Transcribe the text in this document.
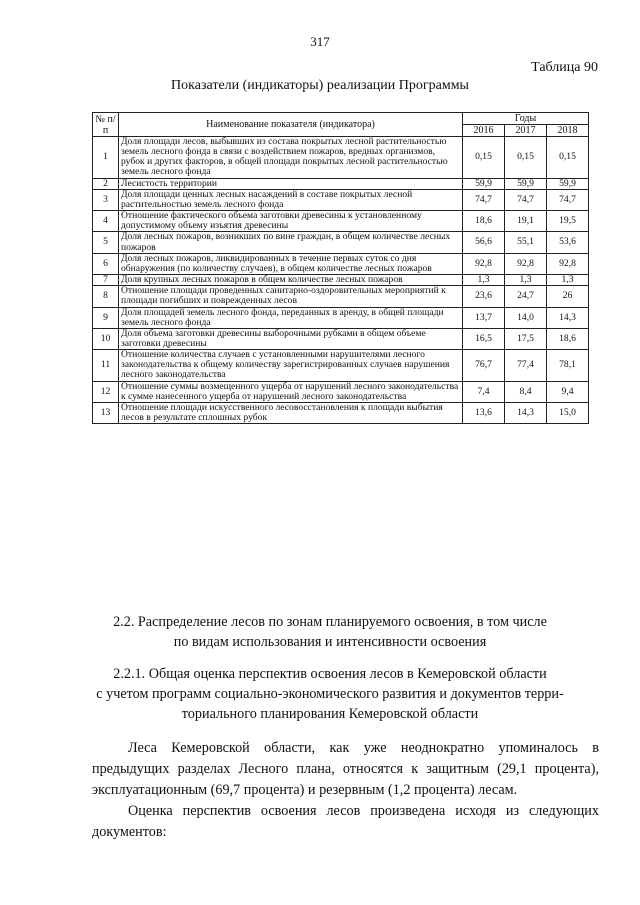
317
Таблица 90
Показатели (индикаторы) реализации Программы
№ п/п	Наименование показателя (индикатора)	Годы		
		2016	2017	2018
1	Доля площади лесов, выбывших из состава покрытых лесной растительностью земель лесного фонда в связи с воздействием пожаров, вредных организмов, рубок и других факторов, в общей площади покрытых лесной растительностью земель лесного фонда	0,15	0,15	0,15
2	Лесистость территории	59,9	59,9	59,9
3	Доля площади ценных лесных насаждений в составе покрытых лесной растительностью земель лесного фонда	74,7	74,7	74,7
4	Отношение фактического объема заготовки древесины к установленному допустимому объему изъятия древесины	18,6	19,1	19,5
5	Доля лесных пожаров, возникших по вине граждан, в общем количестве лесных пожаров	56,6	55,1	53,6
6	Доля лесных пожаров, ликвидированных в течение первых суток со дня обнаружения (по количеству случаев), в общем количестве лесных пожаров	92,8	92,8	92,8
7	Доля крупных лесных пожаров в общем количестве лесных пожаров	1,3	1,3	1,3
8	Отношение площади проведенных санитарно-оздоровительных мероприятий к площади погибших и поврежденных лесов	23,6	24,7	26
9	Доля площадей земель лесного фонда, переданных в аренду, в общей площади земель лесного фонда	13,7	14,0	14,3
10	Доля объема заготовки древесины выборочными рубками в общем объеме заготовки древесины	16,5	17,5	18,6
11	Отношение количества случаев с установленными нарушителями лесного законодательства к общему количеству зарегистрированных случаев нарушения лесного законодательства	76,7	77,4	78,1
12	Отношение суммы возмещенного ущерба от нарушений лесного законодательства к сумме нанесенного ущерба от нарушений лесного законодательства	7,4	8,4	9,4
13	Отношение площади искусственного лесовосстановления к площади выбытия лесов в результате сплошных рубок	13,6	14,3	15,0
2.2. Распределение лесов по зонам планируемого освоения, в том числе
по видам использования и интенсивности освоения
2.2.1. Общая оценка перспектив освоения лесов в Кемеровской области
с учетом программ социально-экономического развития и документов терри-
ториального планирования Кемеровской области

Леса Кемеровской области, как уже неоднократно упоминалось в предыдущих разделах Лесного плана, относятся к защитным (29,1 процента), эксплуатационным (69,7 процента) и резервным (1,2 процента) лесам.

Оценка перспектив освоения лесов произведена исходя из следующих документов:
